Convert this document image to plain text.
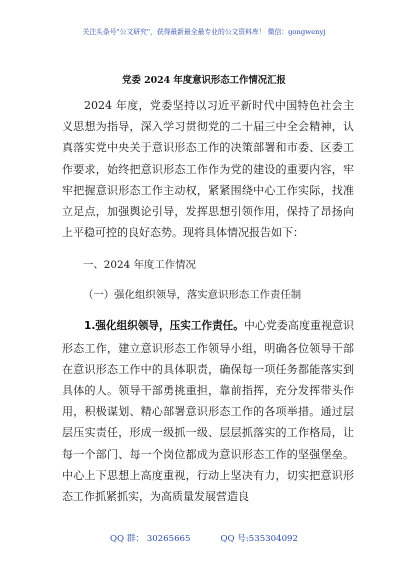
关注头条号"公文研究"，获得最新最全最专业的公文资料库！ 微信：gongwenyj
党委 2024 年度意识形态工作情况汇报

2024 年度，党委坚持以习近平新时代中国特色社会主义思想为指导，深入学习贯彻党的二十届三中全会精神，认真落实党中央关于意识形态工作的决策部署和市委、区委工作要求，始终把意识形态工作作为党的建设的重要内容，牢牢把握意识形态工作主动权，紧紧围绕中心工作实际，找准立足点，加强舆论引导，发挥思想引领作用，保持了昂扬向上平稳可控的良好态势。现将具体情况报告如下：

一、2024 年度工作情况

（一）强化组织领导，落实意识形态工作责任制

1.强化组织领导，压实工作责任。中心党委高度重视意识形态工作，建立意识形态工作领导小组，明确各位领导干部在意识形态工作中的具体职责，确保每一项任务都能落实到具体的人。领导干部勇挑重担，靠前指挥，充分发挥带头作用，积极谋划、精心部署意识形态工作的各项举措。通过层层压实责任，形成一级抓一级、层层抓落实的工作格局，让每一个部门、每一个岗位都成为意识形态工作的坚强堡垒。中心上下思想上高度重视，行动上坚决有力，切实把意识形态工作抓紧抓实，为高质量发展营造良

QQ 群： 30265665	QQ 号:535304092
